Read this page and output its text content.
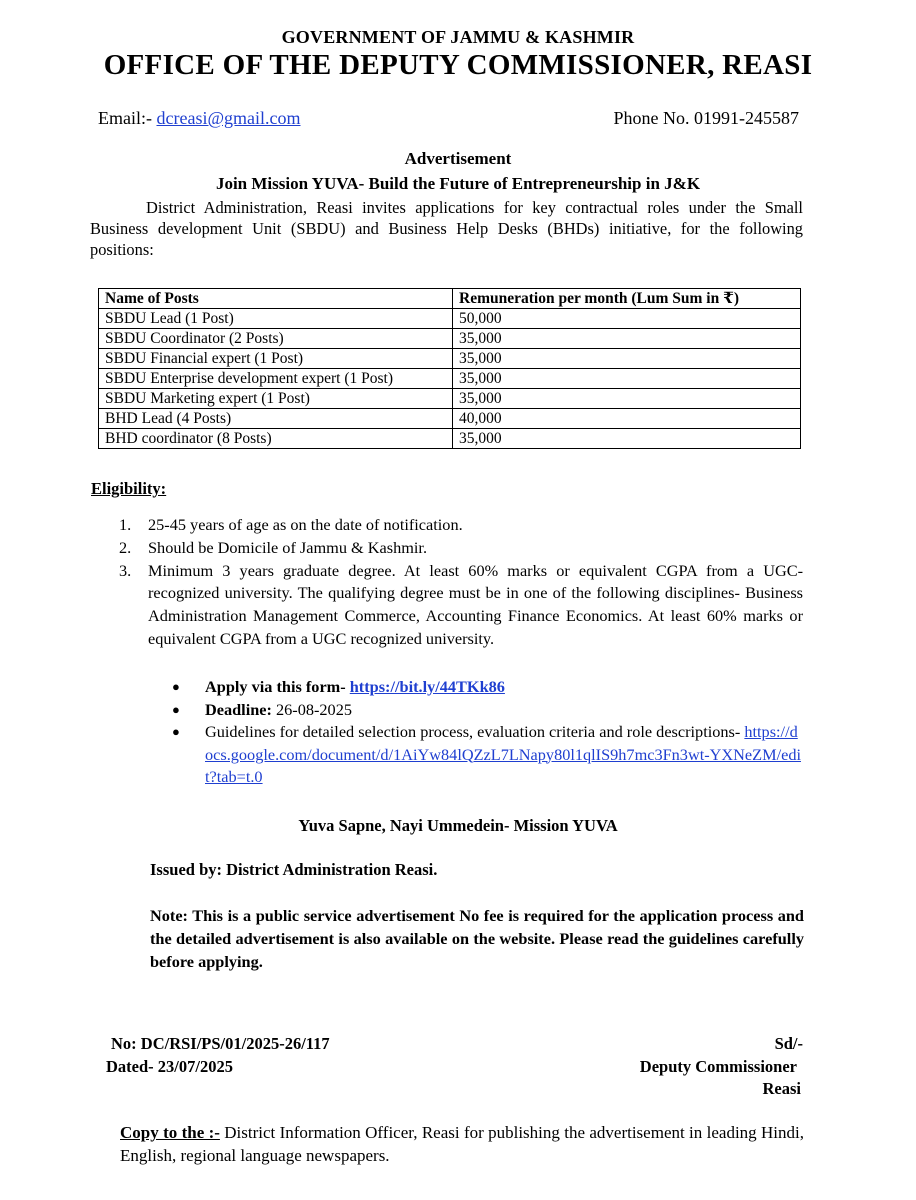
GOVERNMENT OF JAMMU & KASHMIR
OFFICE OF THE DEPUTY COMMISSIONER, REASI
Email:- dcreasi@gmail.com	Phone No. 01991-245587
Advertisement
Join Mission YUVA- Build the Future of Entrepreneurship in J&K
District Administration, Reasi invites applications for key contractual roles under the Small Business development Unit (SBDU) and Business Help Desks (BHDs) initiative, for the following positions:
Name of Posts	Remuneration per month (Lum Sum in ₹)
SBDU Lead (1 Post)	50,000
SBDU Coordinator (2 Posts)	35,000
SBDU Financial expert (1 Post)	35,000
SBDU Enterprise development expert (1 Post)	35,000
SBDU Marketing expert (1 Post)	35,000
BHD Lead (4 Posts)	40,000
BHD coordinator (8 Posts)	35,000
Eligibility:
1. 25-45 years of age as on the date of notification.
2. Should be Domicile of Jammu & Kashmir.
3. Minimum 3 years graduate degree. At least 60% marks or equivalent CGPA from a UGC-recognized university. The qualifying degree must be in one of the following disciplines- Business Administration Management Commerce, Accounting Finance Economics. At least 60% marks or equivalent CGPA from a UGC recognized university.
● Apply via this form- https://bit.ly/44TKk86
● Deadline: 26-08-2025
● Guidelines for detailed selection process, evaluation criteria and role descriptions- https://docs.google.com/document/d/1AiYw84lQZzL7LNapy80l1qlIS9h7mc3Fn3wt-YXNeZM/edit?tab=t.0
Yuva Sapne, Nayi Ummedein- Mission YUVA
Issued by: District Administration Reasi.
Note: This is a public service advertisement No fee is required for the application process and the detailed advertisement is also available on the website. Please read the guidelines carefully before applying.
No: DC/RSI/PS/01/2025-26/117
Dated- 23/07/2025
Sd/-
Deputy Commissioner
Reasi
Copy to the :- District Information Officer, Reasi for publishing the advertisement in leading Hindi, English, regional language newspapers.
